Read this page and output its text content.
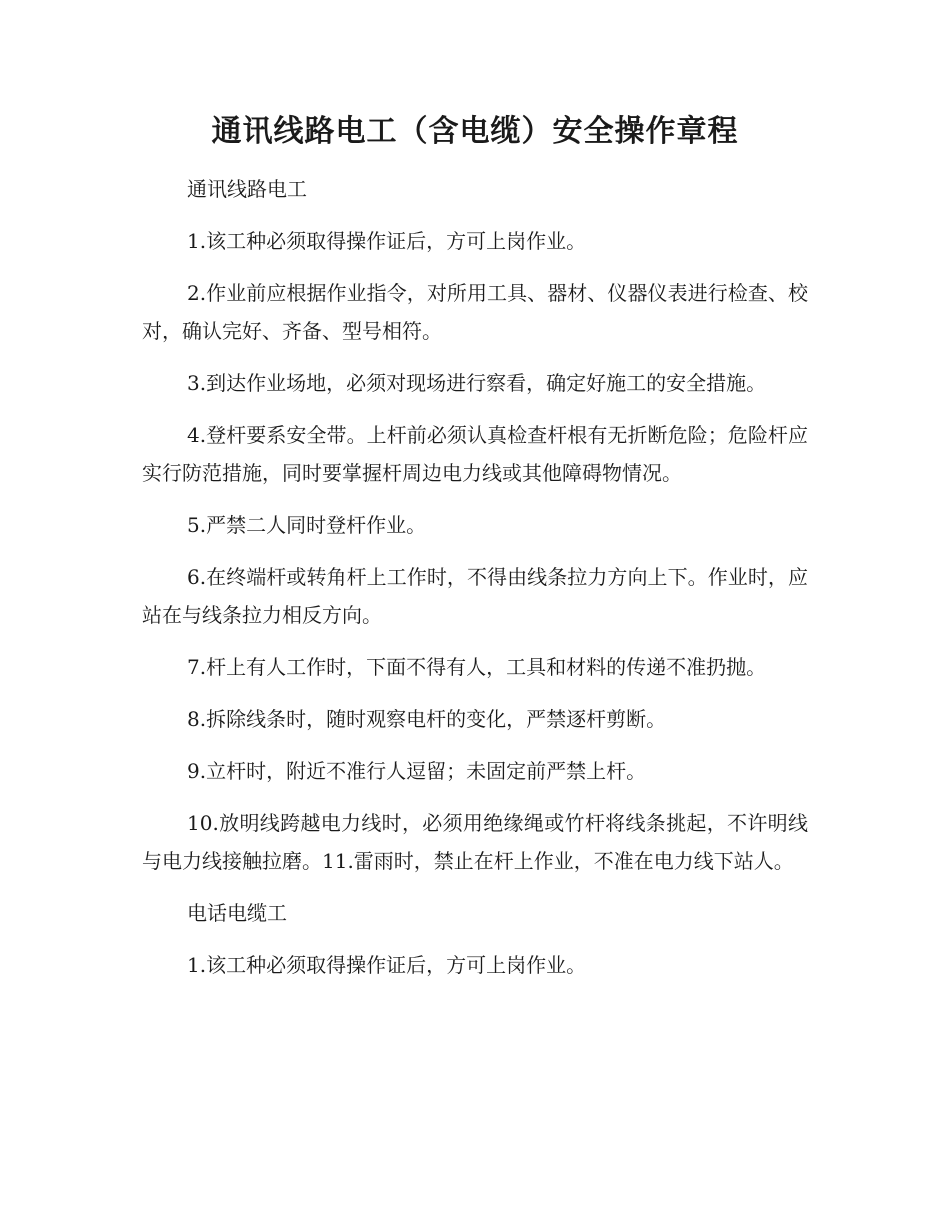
通讯线路电工（含电缆）安全操作章程

通讯线路电工

1.该工种必须取得操作证后，方可上岗作业。

2.作业前应根据作业指令，对所用工具、器材、仪器仪表进行检查、校对，确认完好、齐备、型号相符。

3.到达作业场地，必须对现场进行察看，确定好施工的安全措施。

4.登杆要系安全带。上杆前必须认真检查杆根有无折断危险；危险杆应实行防范措施，同时要掌握杆周边电力线或其他障碍物情况。

5.严禁二人同时登杆作业。

6.在终端杆或转角杆上工作时，不得由线条拉力方向上下。作业时，应站在与线条拉力相反方向。

7.杆上有人工作时，下面不得有人，工具和材料的传递不准扔抛。

8.拆除线条时，随时观察电杆的变化，严禁逐杆剪断。

9.立杆时，附近不准行人逗留；未固定前严禁上杆。

10.放明线跨越电力线时，必须用绝缘绳或竹杆将线条挑起，不许明线与电力线接触拉磨。11.雷雨时，禁止在杆上作业，不准在电力线下站人。

电话电缆工

1.该工种必须取得操作证后，方可上岗作业。
